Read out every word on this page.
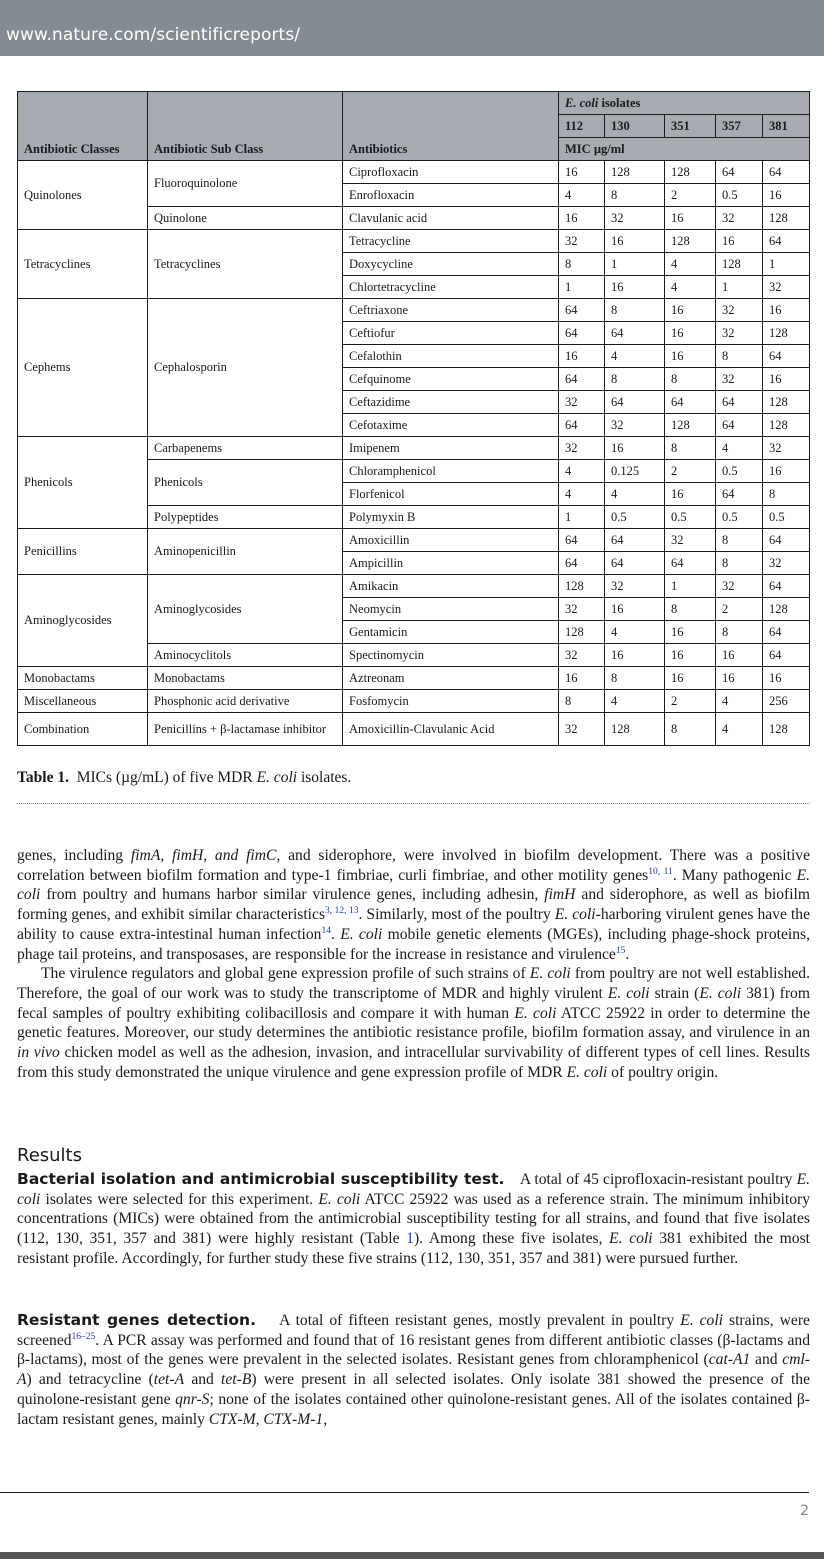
www.nature.com/scientificreports/
Antibiotic Classes	Antibiotic Sub Class	Antibiotics	E. coli isolates				
			112	130	351	357	381
			MIC µg/ml				
Quinolones	Fluoroquinolone	Ciprofloxacin	16	128	128	64	64
		Enrofloxacin	4	8	2	0.5	16
	Quinolone	Clavulanic acid	16	32	16	32	128
Tetracyclines	Tetracyclines	Tetracycline	32	16	128	16	64
		Doxycycline	8	1	4	128	1
		Chlortetracycline	1	16	4	1	32
Cephems	Cephalosporin	Ceftriaxone	64	8	16	32	16
		Ceftiofur	64	64	16	32	128
		Cefalothin	16	4	16	8	64
		Cefquinome	64	8	8	32	16
		Ceftazidime	32	64	64	64	128
		Cefotaxime	64	32	128	64	128
Phenicols	Carbapenems	Imipenem	32	16	8	4	32
	Phenicols	Chloramphenicol	4	0.125	2	0.5	16
		Florfenicol	4	4	16	64	8
	Polypeptides	Polymyxin B	1	0.5	0.5	0.5	0.5
Penicillins	Aminopenicillin	Amoxicillin	64	64	32	8	64
		Ampicillin	64	64	64	8	32
Aminoglycosides	Aminoglycosides	Amikacin	128	32	1	32	64
		Neomycin	32	16	8	2	128
		Gentamicin	128	4	16	8	64
	Aminocyclitols	Spectinomycin	32	16	16	16	64
Monobactams	Monobactams	Aztreonam	16	8	16	16	16
Miscellaneous	Phosphonic acid derivative	Fosfomycin	8	4	2	4	256
Combination	Penicillins + β-lactamase inhibitor	Amoxicillin-Clavulanic Acid	32	128	8	4	128
Table 1. MICs (µg/mL) of five MDR E. coli isolates.

genes, including fimA, fimH, and fimC, and siderophore, were involved in biofilm development. There was a positive correlation between biofilm formation and type-1 fimbriae, curli fimbriae, and other motility genes$^{10, 11}$. Many pathogenic E. coli from poultry and humans harbor similar virulence genes, including adhesin, fimH and siderophore, as well as biofilm forming genes, and exhibit similar characteristics$^{3, 12, 13}$. Similarly, most of the poultry E. coli-harboring virulent genes have the ability to cause extra-intestinal human infection$^{14}$. E. coli mobile genetic elements (MGEs), including phage-shock proteins, phage tail proteins, and transposases, are responsible for the increase in resistance and virulence$^{15}$.

The virulence regulators and global gene expression profile of such strains of E. coli from poultry are not well established. Therefore, the goal of our work was to study the transcriptome of MDR and highly virulent E. coli strain (E. coli 381) from fecal samples of poultry exhibiting colibacillosis and compare it with human E. coli ATCC 25922 in order to determine the genetic features. Moreover, our study determines the antibiotic resistance profile, biofilm formation assay, and virulence in an in vivo chicken model as well as the adhesion, invasion, and intracellular survivability of different types of cell lines. Results from this study demonstrated the unique virulence and gene expression profile of MDR E. coli of poultry origin.

Results

Bacterial isolation and antimicrobial susceptibility test.    A total of 45 ciprofloxacin-resistant poultry E. coli isolates were selected for this experiment. E. coli ATCC 25922 was used as a reference strain. The minimum inhibitory concentrations (MICs) were obtained from the antimicrobial susceptibility testing for all strains, and found that five isolates (112, 130, 351, 357 and 381) were highly resistant (Table 1). Among these five isolates, E. coli 381 exhibited the most resistant profile. Accordingly, for further study these five strains (112, 130, 351, 357 and 381) were pursued further.

Resistant genes detection.    A total of fifteen resistant genes, mostly prevalent in poultry E. coli strains, were screened$^{16-25}$. A PCR assay was performed and found that of 16 resistant genes from different antibiotic classes (β-lactams and β-lactams), most of the genes were prevalent in the selected isolates. Resistant genes from chloramphenicol (cat-A1 and cml-A) and tetracycline (tet-A and tet-B) were present in all selected isolates. Only isolate 381 showed the presence of the quinolone-resistant gene qnr-S; none of the isolates contained other quinolone-resistant genes. All of the isolates contained β-lactam resistant genes, mainly CTX-M, CTX-M-1,

2
